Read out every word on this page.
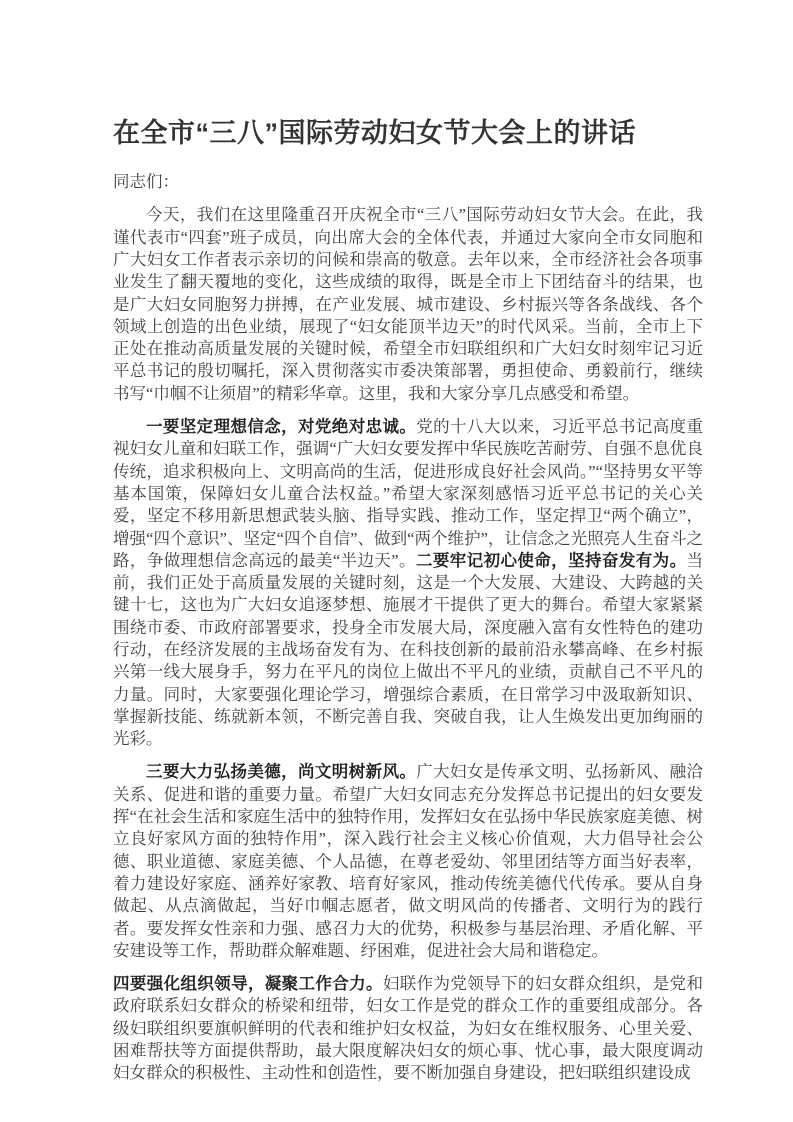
在全市“三八”国际劳动妇女节大会上的讲话

同志们：

今天，我们在这里隆重召开庆祝全市“三八”国际劳动妇女节大会。在此，我谨代表市“四套”班子成员，向出席大会的全体代表，并通过大家向全市女同胞和广大妇女工作者表示亲切的问候和崇高的敬意。去年以来，全市经济社会各项事业发生了翻天覆地的变化，这些成绩的取得，既是全市上下团结奋斗的结果，也是广大妇女同胞努力拼搏，在产业发展、城市建设、乡村振兴等各条战线、各个领域上创造的出色业绩，展现了“妇女能顶半边天”的时代风采。当前，全市上下正处在推动高质量发展的关键时候，希望全市妇联组织和广大妇女时刻牢记习近平总书记的殷切嘱托，深入贯彻落实市委决策部署，勇担使命、勇毅前行，继续书写“巾帼不让须眉”的精彩华章。这里，我和大家分享几点感受和希望。

一要坚定理想信念，对党绝对忠诚。党的十八大以来，习近平总书记高度重视妇女儿童和妇联工作，强调“广大妇女要发挥中华民族吃苦耐劳、自强不息优良传统，追求积极向上、文明高尚的生活，促进形成良好社会风尚。”“坚持男女平等基本国策，保障妇女儿童合法权益。”希望大家深刻感悟习近平总书记的关心关爱，坚定不移用新思想武装头脑、指导实践、推动工作，坚定捍卫“两个确立”，增强“四个意识”、坚定“四个自信”、做到“两个维护”，让信念之光照亮人生奋斗之路，争做理想信念高远的最美“半边天”。二要牢记初心使命，坚持奋发有为。当前，我们正处于高质量发展的关键时刻，这是一个大发展、大建设、大跨越的关键十七，这也为广大妇女追逐梦想、施展才干提供了更大的舞台。希望大家紧紧围绕市委、市政府部署要求，投身全市发展大局，深度融入富有女性特色的建功行动，在经济发展的主战场奋发有为、在科技创新的最前沿永攀高峰、在乡村振兴第一线大展身手，努力在平凡的岗位上做出不平凡的业绩，贡献自己不平凡的力量。同时，大家要强化理论学习，增强综合素质，在日常学习中汲取新知识、掌握新技能、练就新本领，不断完善自我、突破自我，让人生焕发出更加绚丽的光彩。

三要大力弘扬美德，尚文明树新风。广大妇女是传承文明、弘扬新风、融洽关系、促进和谐的重要力量。希望广大妇女同志充分发挥总书记提出的妇女要发挥“在社会生活和家庭生活中的独特作用，发挥妇女在弘扬中华民族家庭美德、树立良好家风方面的独特作用”，深入践行社会主义核心价值观，大力倡导社会公德、职业道德、家庭美德、个人品德，在尊老爱幼、邻里团结等方面当好表率，着力建设好家庭、涵养好家教、培育好家风，推动传统美德代代传承。要从自身做起、从点滴做起，当好巾帼志愿者，做文明风尚的传播者、文明行为的践行者。要发挥女性亲和力强、感召力大的优势，积极参与基层治理、矛盾化解、平安建设等工作，帮助群众解难题、纾困难，促进社会大局和谐稳定。

四要强化组织领导，凝聚工作合力。妇联作为党领导下的妇女群众组织，是党和政府联系妇女群众的桥梁和纽带，妇女工作是党的群众工作的重要组成部分。各级妇联组织要旗帜鲜明的代表和维护妇女权益，为妇女在维权服务、心里关爱、困难帮扶等方面提供帮助，最大限度解决妇女的烦心事、忧心事，最大限度调动妇女群众的积极性、主动性和创造性，要不断加强自身建设，把妇联组织建设成
